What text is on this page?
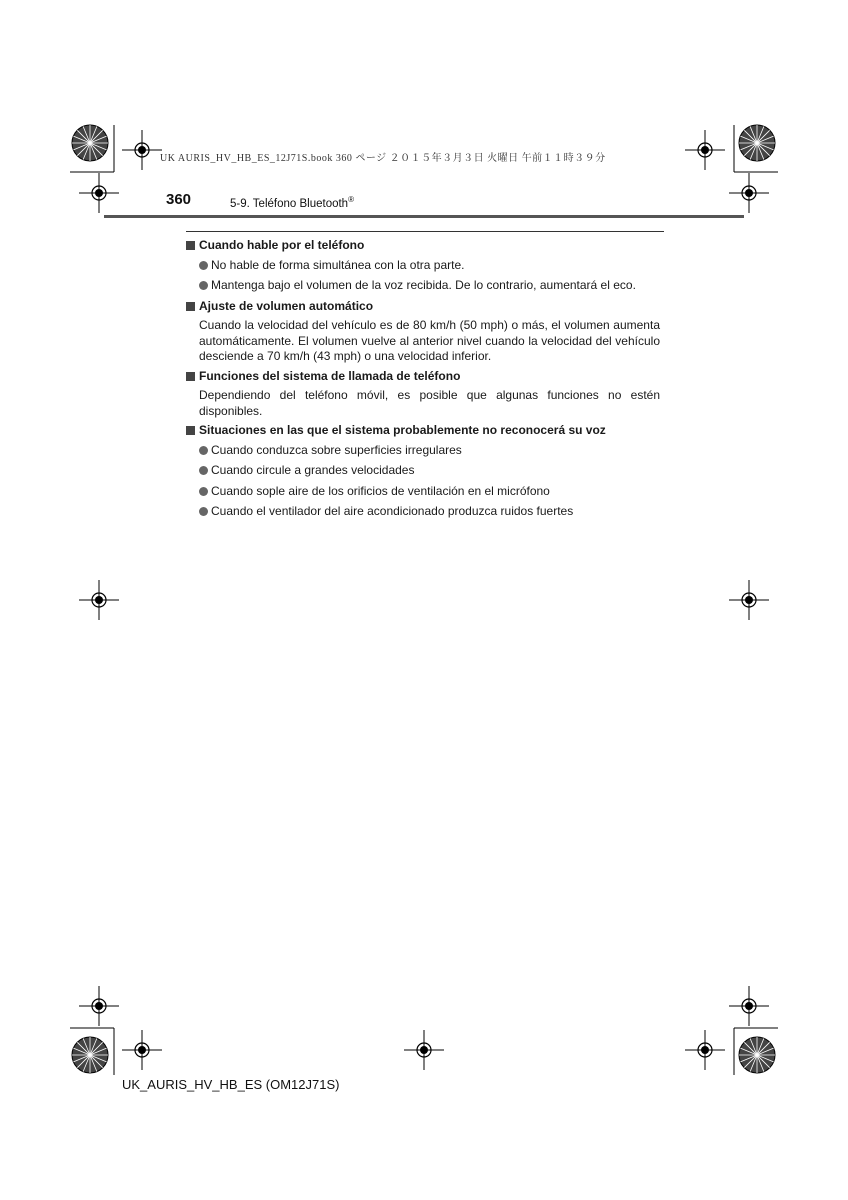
UK AURIS_HV_HB_ES_12J71S.book 360 ページ ２０１５年３月３日 火曜日 午前１１時３９分
360	5-9. Teléfono Bluetooth®
Cuando hable por el teléfono
No hable de forma simultánea con la otra parte.
Mantenga bajo el volumen de la voz recibida. De lo contrario, aumentará el eco.
Ajuste de volumen automático
Cuando la velocidad del vehículo es de 80 km/h (50 mph) o más, el volumen aumenta automáticamente. El volumen vuelve al anterior nivel cuando la velocidad del vehículo desciende a 70 km/h (43 mph) o una velocidad inferior.
Funciones del sistema de llamada de teléfono
Dependiendo del teléfono móvil, es posible que algunas funciones no estén disponibles.
Situaciones en las que el sistema probablemente no reconocerá su voz
Cuando conduzca sobre superficies irregulares
Cuando circule a grandes velocidades
Cuando sople aire de los orificios de ventilación en el micrófono
Cuando el ventilador del aire acondicionado produzca ruidos fuertes
UK_AURIS_HV_HB_ES (OM12J71S)
